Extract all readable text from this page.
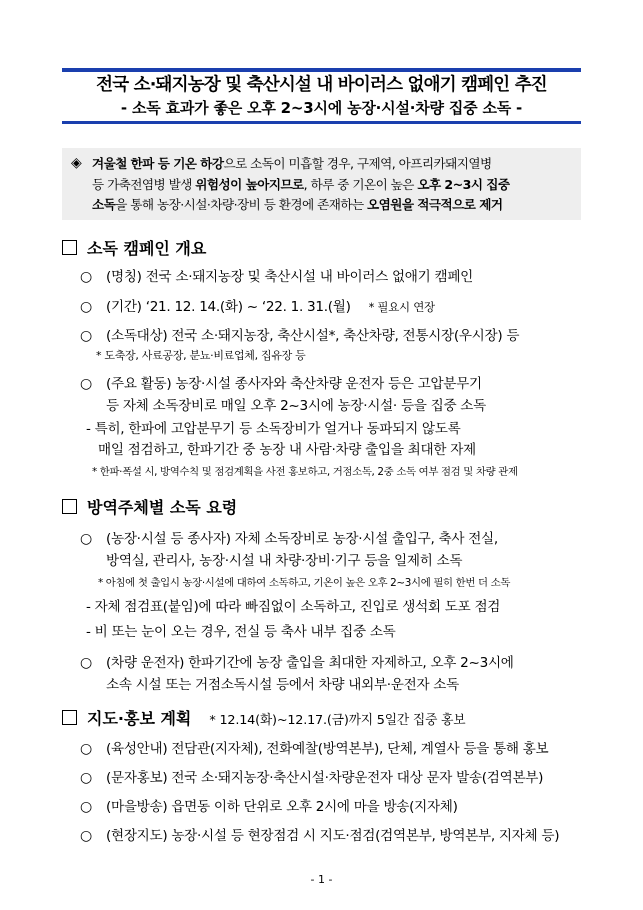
전국 소·돼지농장 및 축산시설 내 바이러스 없애기 캠페인 추진
- 소독 효과가 좋은 오후 2~3시에 농장·시설·차량 집중 소독 -
◈ 겨울철 한파 등 기온 하강으로 소독이 미흡할 경우, 구제역, 아프리카돼지열병

등 가축전염병 발생 위험성이 높아지므로, 하루 중 기온이 높은 오후 2~3시 집중

소독을 통해 농장·시설·차량·장비 등 환경에 존재하는 오염원을 적극적으로 제거

소독 캠페인 개요
○ (명칭) 전국 소·돼지농장 및 축산시설 내 바이러스 없애기 캠페인
○ (기간) ‘21. 12. 14.(화) ~ ‘22. 1. 31.(월) * 필요시 연장
○ (소독대상) 전국 소·돼지농장, 축산시설*, 축산차량, 전통시장(우시장) 등
* 도축장, 사료공장, 분뇨·비료업체, 집유장 등
○ (주요 활동) 농장·시설 종사자와 축산차량 운전자 등은 고압분무기
등 자체 소독장비로 매일 오후 2~3시에 농장·시설· 등을 집중 소독
- 특히, 한파에 고압분무기 등 소독장비가 얼거나 동파되지 않도록
매일 점검하고, 한파기간 중 농장 내 사람·차량 출입을 최대한 자제
* 한파·폭설 시, 방역수칙 및 점검계획을 사전 홍보하고, 거점소독, 2중 소독 여부 점검 및 차량 관제
방역주체별 소독 요령
○ (농장·시설 등 종사자) 자체 소독장비로 농장·시설 출입구, 축사 전실,
방역실, 관리사, 농장·시설 내 차량·장비·기구 등을 일제히 소독
* 아침에 첫 출입시 농장·시설에 대하여 소독하고, 기온이 높은 오후 2~3시에 필히 한번 더 소독
- 자체 점검표(붙임)에 따라 빠짐없이 소독하고, 진입로 생석회 도포 점검
- 비 또는 눈이 오는 경우, 전실 등 축사 내부 집중 소독
○ (차량 운전자) 한파기간에 농장 출입을 최대한 자제하고, 오후 2~3시에
소속 시설 또는 거점소독시설 등에서 차량 내외부·운전자 소독
지도·홍보 계획 * 12.14(화)~12.17.(금)까지 5일간 집중 홍보
○ (육성안내) 전담관(지자체), 전화예찰(방역본부), 단체, 계열사 등을 통해 홍보
○ (문자홍보) 전국 소·돼지농장·축산시설·차량운전자 대상 문자 발송(검역본부)
○ (마을방송) 읍면동 이하 단위로 오후 2시에 마을 방송(지자체)
○ (현장지도) 농장·시설 등 현장점검 시 지도·점검(검역본부, 방역본부, 지자체 등)
- 1 -
